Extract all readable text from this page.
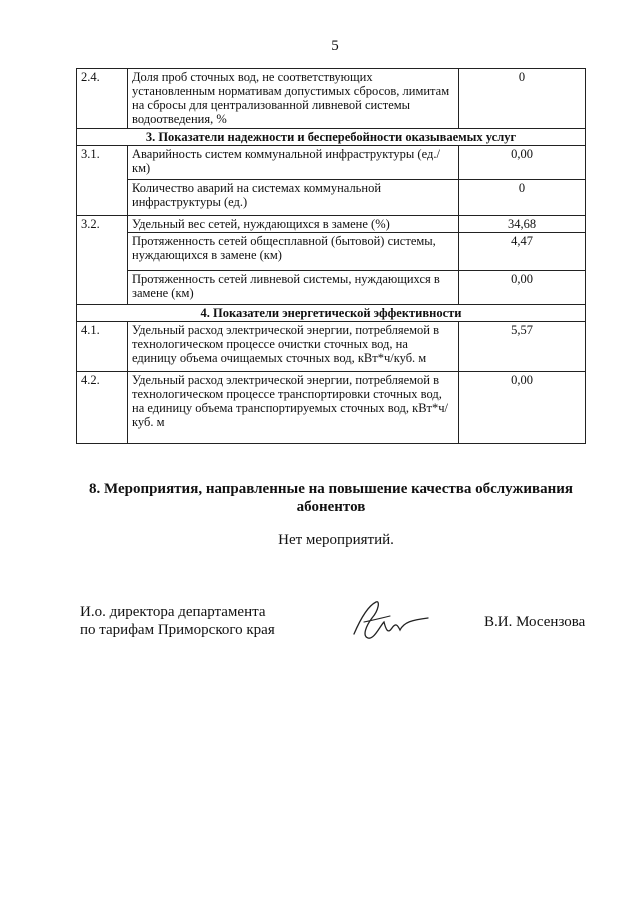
5
2.4.	Доля проб сточных вод, не соответствующих установленным нормативам допустимых сбросов, лимитам на сбросы для централизованной ливневой системы водоотведения, %	0
3. Показатели надежности и бесперебойности оказываемых услуг		
3.1.	Аварийность систем коммунальной инфраструктуры (ед./км)	0,00
	Количество аварий на системах коммунальной инфраструктуры (ед.)	0
3.2.	Удельный вес сетей, нуждающихся в замене (%)	34,68
	Протяженность сетей общесплавной (бытовой) системы, нуждающихся в замене (км)	4,47
	Протяженность сетей ливневой системы, нуждающихся в замене (км)	0,00
4. Показатели энергетической эффективности		
4.1.	Удельный расход электрической энергии, потребляемой в технологическом процессе очистки сточных вод, на единицу объема очищаемых сточных вод, кВт*ч/куб. м	5,57
4.2.	Удельный расход электрической энергии, потребляемой в технологическом процессе транспортировки сточных вод, на единицу объема транспортируемых сточных вод, кВт*ч/куб. м	0,00
8. Мероприятия, направленные на повышение качества обслуживания абонентов
Нет мероприятий.
И.о. директора департамента
по тарифам Приморского края	В.И. Мосензова
